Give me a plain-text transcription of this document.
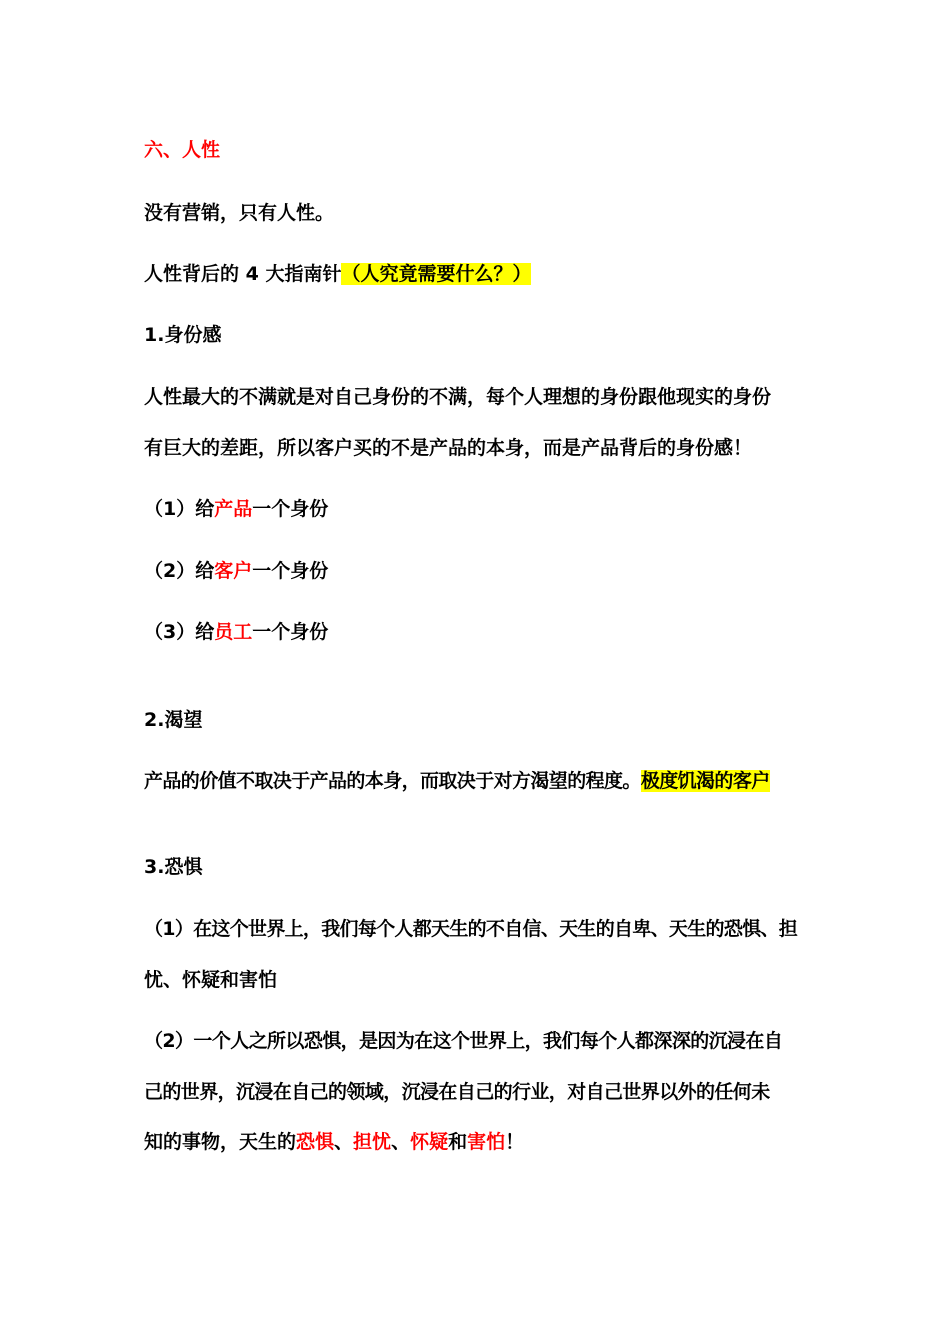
六、人性
没有营销，只有人性。
人性背后的 4 大指南针（人究竟需要什么？）
1.身份感
人性最大的不满就是对自己身份的不满，每个人理想的身份跟他现实的身份
有巨大的差距，所以客户买的不是产品的本身，而是产品背后的身份感！
（1）给产品一个身份
（2）给客户一个身份
（3）给员工一个身份
2.渴望
产品的价值不取决于产品的本身，而取决于对方渴望的程度。极度饥渴的客户
3.恐惧
（1）在这个世界上，我们每个人都天生的不自信、天生的自卑、天生的恐惧、担
忧、怀疑和害怕
（2）一个人之所以恐惧，是因为在这个世界上，我们每个人都深深的沉浸在自
己的世界，沉浸在自己的领域，沉浸在自己的行业，对自己世界以外的任何未
知的事物，天生的恐惧、担忧、怀疑和害怕！
